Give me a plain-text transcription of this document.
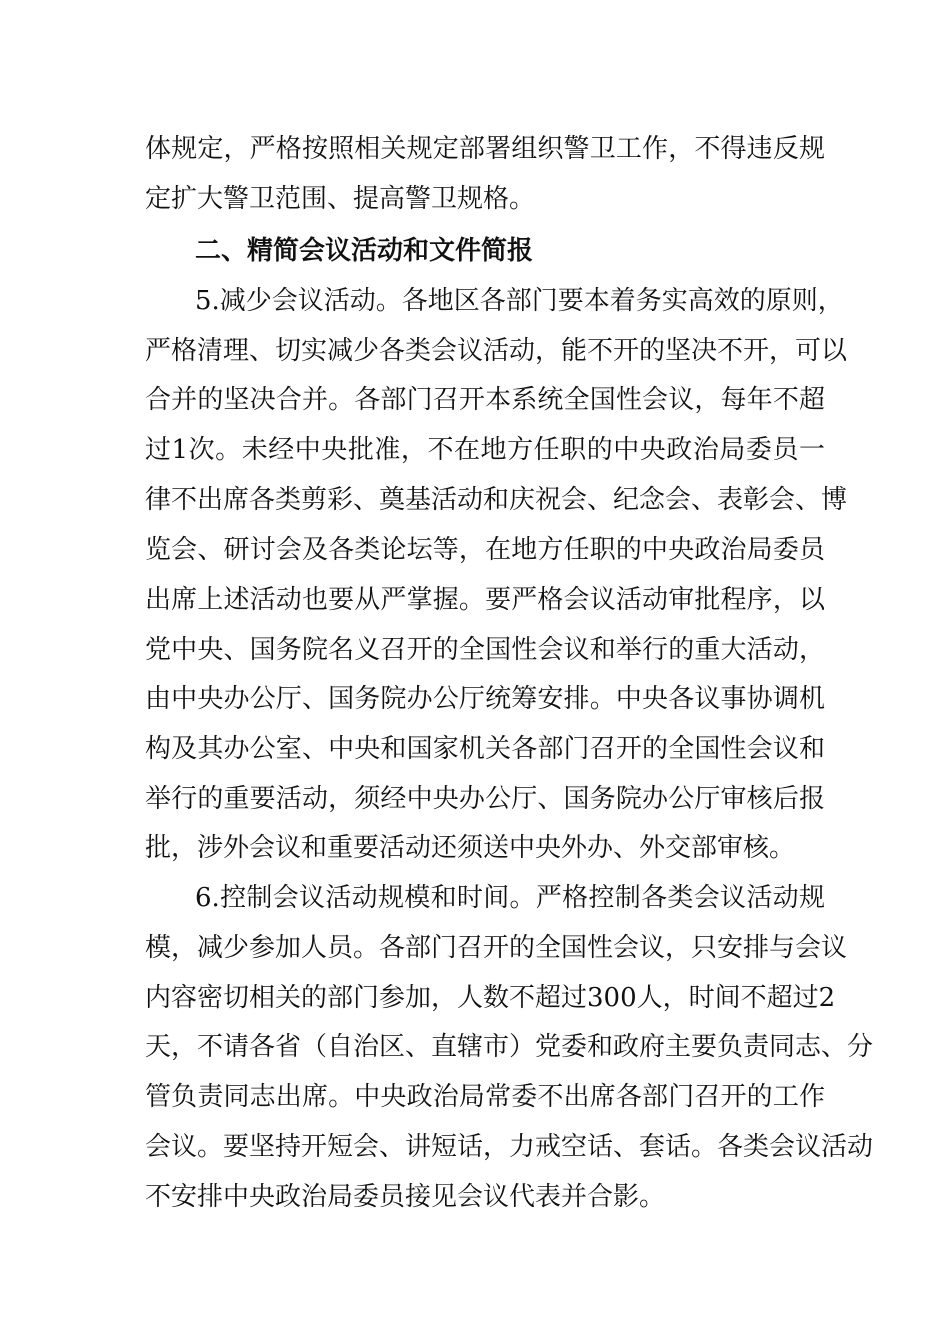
体规定，严格按照相关规定部署组织警卫工作，不得违反规
定扩大警卫范围、提高警卫规格。
二、精简会议活动和文件简报
5.减少会议活动。各地区各部门要本着务实高效的原则，
严格清理、切实减少各类会议活动，能不开的坚决不开，可以
合并的坚决合并。各部门召开本系统全国性会议，每年不超
过1次。未经中央批准，不在地方任职的中央政治局委员一
律不出席各类剪彩、奠基活动和庆祝会、纪念会、表彰会、博
览会、研讨会及各类论坛等，在地方任职的中央政治局委员
出席上述活动也要从严掌握。要严格会议活动审批程序，以
党中央、国务院名义召开的全国性会议和举行的重大活动，
由中央办公厅、国务院办公厅统筹安排。中央各议事协调机
构及其办公室、中央和国家机关各部门召开的全国性会议和
举行的重要活动，须经中央办公厅、国务院办公厅审核后报
批，涉外会议和重要活动还须送中央外办、外交部审核。
6.控制会议活动规模和时间。严格控制各类会议活动规
模，减少参加人员。各部门召开的全国性会议，只安排与会议
内容密切相关的部门参加，人数不超过300人，时间不超过2
天，不请各省（自治区、直辖市）党委和政府主要负责同志、分
管负责同志出席。中央政治局常委不出席各部门召开的工作
会议。要坚持开短会、讲短话，力戒空话、套话。各类会议活动
不安排中央政治局委员接见会议代表并合影。
